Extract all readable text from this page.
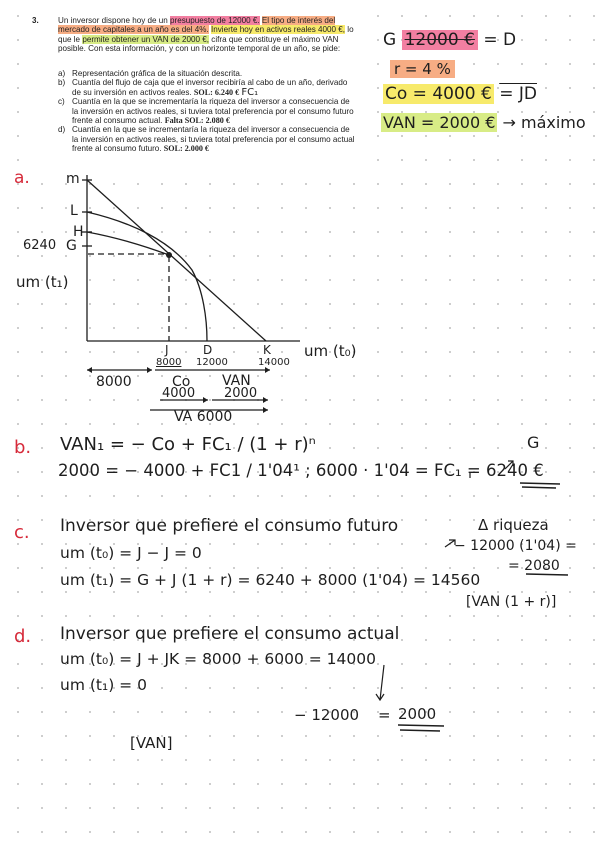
3. Un inversor dispone hoy de un presupuesto de 12000 €. El tipo de interés del mercado de capitales a un año es del 4%. Invierte hoy en activos reales 4000 €, lo que le permite obtener un VAN de 2000 €, cifra que constituye el máximo VAN posible. Con esta información, y con un horizonte temporal de un año, se pide:
a) Representación gráfica de la situación descrita.
b) Cuantía del flujo de caja que el inversor recibiría al cabo de un año, derivado de su inversión en activos reales. SOL: 6.240 € FC₁
c) Cuantía en la que se incrementaría la riqueza del inversor a consecuencia de la inversión en activos reales, si tuviera total preferencia por el consumo futuro frente al consumo actual. Falta SOL: 2.080 €
d) Cuantía en la que se incrementaría la riqueza del inversor a consecuencia de la inversión en activos reales, si tuviera total preferencia por el consumo actual frente al consumo futuro. SOL: 2.000 €
G 12000 € = D
r = 4 %
Co = 4000 € = JD
VAN = 2000 € → máximo
a.	m
L
H
6240 G
um (t₁)
J	D	K
8000 12000	14000
um (t₀)
8000	Co VAN
4000 2000
VA 6000
b. VAN₁ = − Co + FC₁ / (1 + r)ⁿ	G
2000 = − 4000 + FC1 / 1'04¹ ; 6000 · 1'04 = FC₁ = 6240 €
c. Inversor que prefiere el consumo futuro
um (t₀) = J − J = 0
um (t₁) = G + J (1 + r) = 6240 + 8000 (1'04) = 14560
Δ riqueza
− 12000 (1'04) =
= 2080
[VAN (1 + r)]
d. Inversor que prefiere el consumo actual
um (t₀) = J + JK = 8000 + 6000 = 14000
um (t₁) = 0
− 12000 = 2000
[VAN]
